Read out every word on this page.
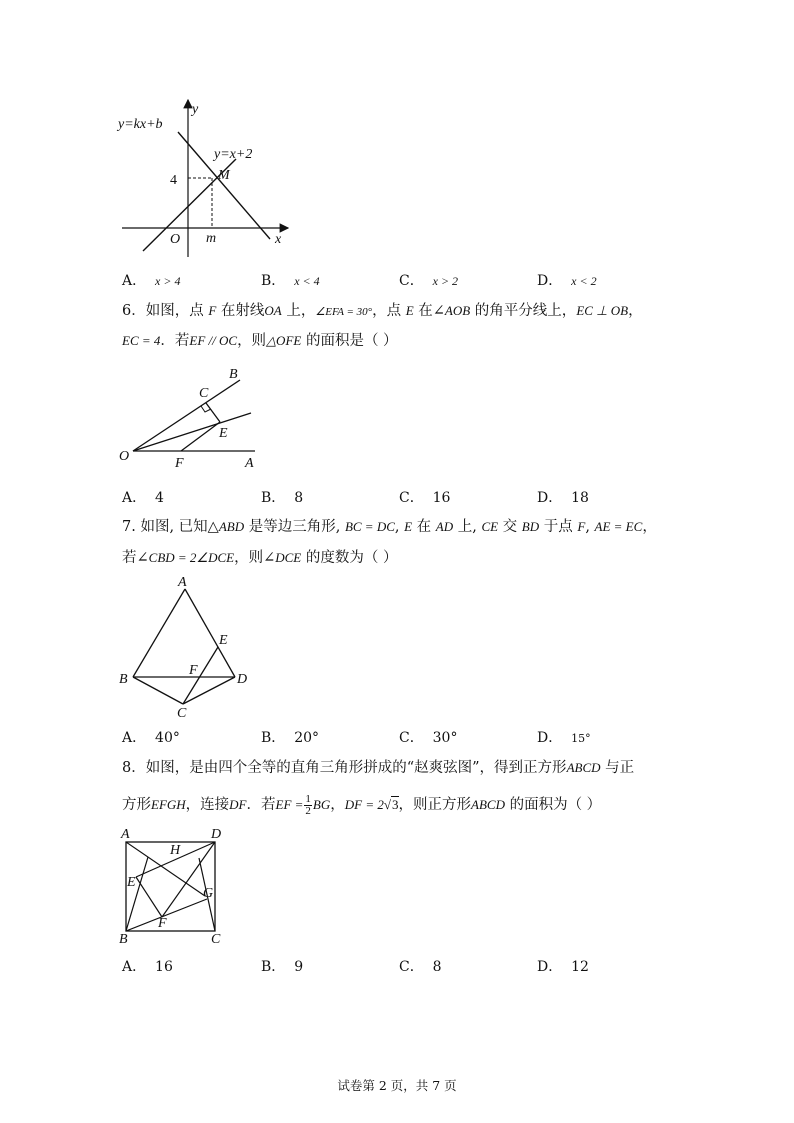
y=kx+b
y=x+2
y
x
O
4
m
M
A． x > 4	B． x < 4	C． x > 2	D． x < 2
6．如图，点 F 在射线OA 上，∠EFA = 30°，点 E 在∠AOB 的角平分线上，EC ⊥ OB，
EC = 4．若EF // OC，则△OFE 的面积是（ ）
B
C
E
O	F	A
A． 4	B． 8	C． 16	D． 18
7. 如图, 已知△ABD 是等边三角形, BC = DC, E 在 AD 上, CE 交 BD 于点 F, AE = EC，
若∠CBD = 2∠DCE，则∠DCE 的度数为（ ）
A
E
F
B	D
C
A． 40°	B． 20°	C． 30°	D． 15°
8．如图，是由四个全等的直角三角形拼成的“赵爽弦图”，得到正方形ABCD 与正
方形EFGH，连接DF．若EF = $\frac{1}{2}$ BG，DF = 2√3，则正方形ABCD 的面积为（ ）
A	D
H
E
G
F
B	C
A． 16	B． 9	C． 8	D． 12
试卷第 2 页，共 7 页
